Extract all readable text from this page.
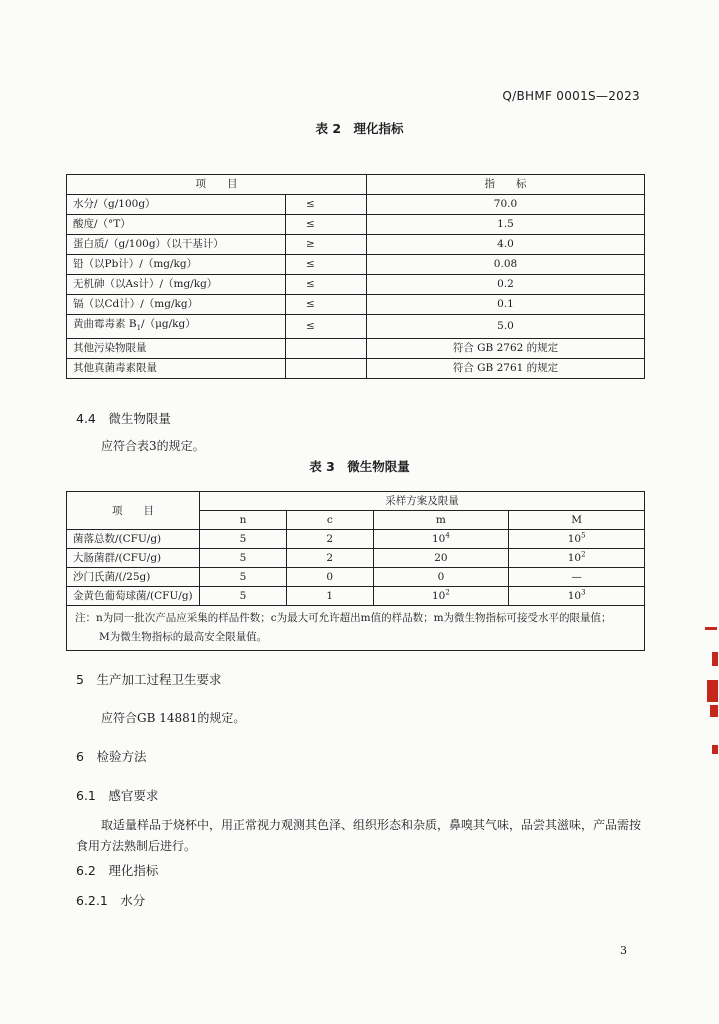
Q/BHMF 0001S—2023
表 2　理化指标
项　　目		指　　标
水分/（g/100g）	≤	70.0
酸度/（°T）	≤	1.5
蛋白质/（g/100g）（以干基计）	≥	4.0
铅（以Pb计）/（mg/kg）	≤	0.08
无机砷（以As计）/（mg/kg）	≤	0.2
镉（以Cd计）/（mg/kg）	≤	0.1
黄曲霉毒素 $B_1/(\mu g/kg)$	≤	5.0
其他污染物限量		符合 GB 2762 的规定
其他真菌毒素限量		符合 GB 2761 的规定
4.4　微生物限量
应符合表3的规定。
表 3　微生物限量
项　　目	采样方案及限量			
	n	c	m	M
菌落总数/(CFU/g)	5	2	$10^4$	$10^5$
大肠菌群/(CFU/g)	5	2	20	$10^2$
沙门氏菌/(/25g)	5	0	0	—
金黄色葡萄球菌/(CFU/g)	5	1	$10^2$	$10^3$

注：n为同一批次产品应采集的样品件数；c为最大可允许超出m值的样品数；m为微生物指标可接受水平的限量值；
M为微生物指标的最高安全限量值。				
5　生产加工过程卫生要求
应符合GB 14881的规定。
6　检验方法
6.1　感官要求
取适量样品于烧杯中，用正常视力观测其色泽、组织形态和杂质，鼻嗅其气味，品尝其滋味，产品需按食用方法熟制后进行。
6.2　理化指标
6.2.1　水分
3
